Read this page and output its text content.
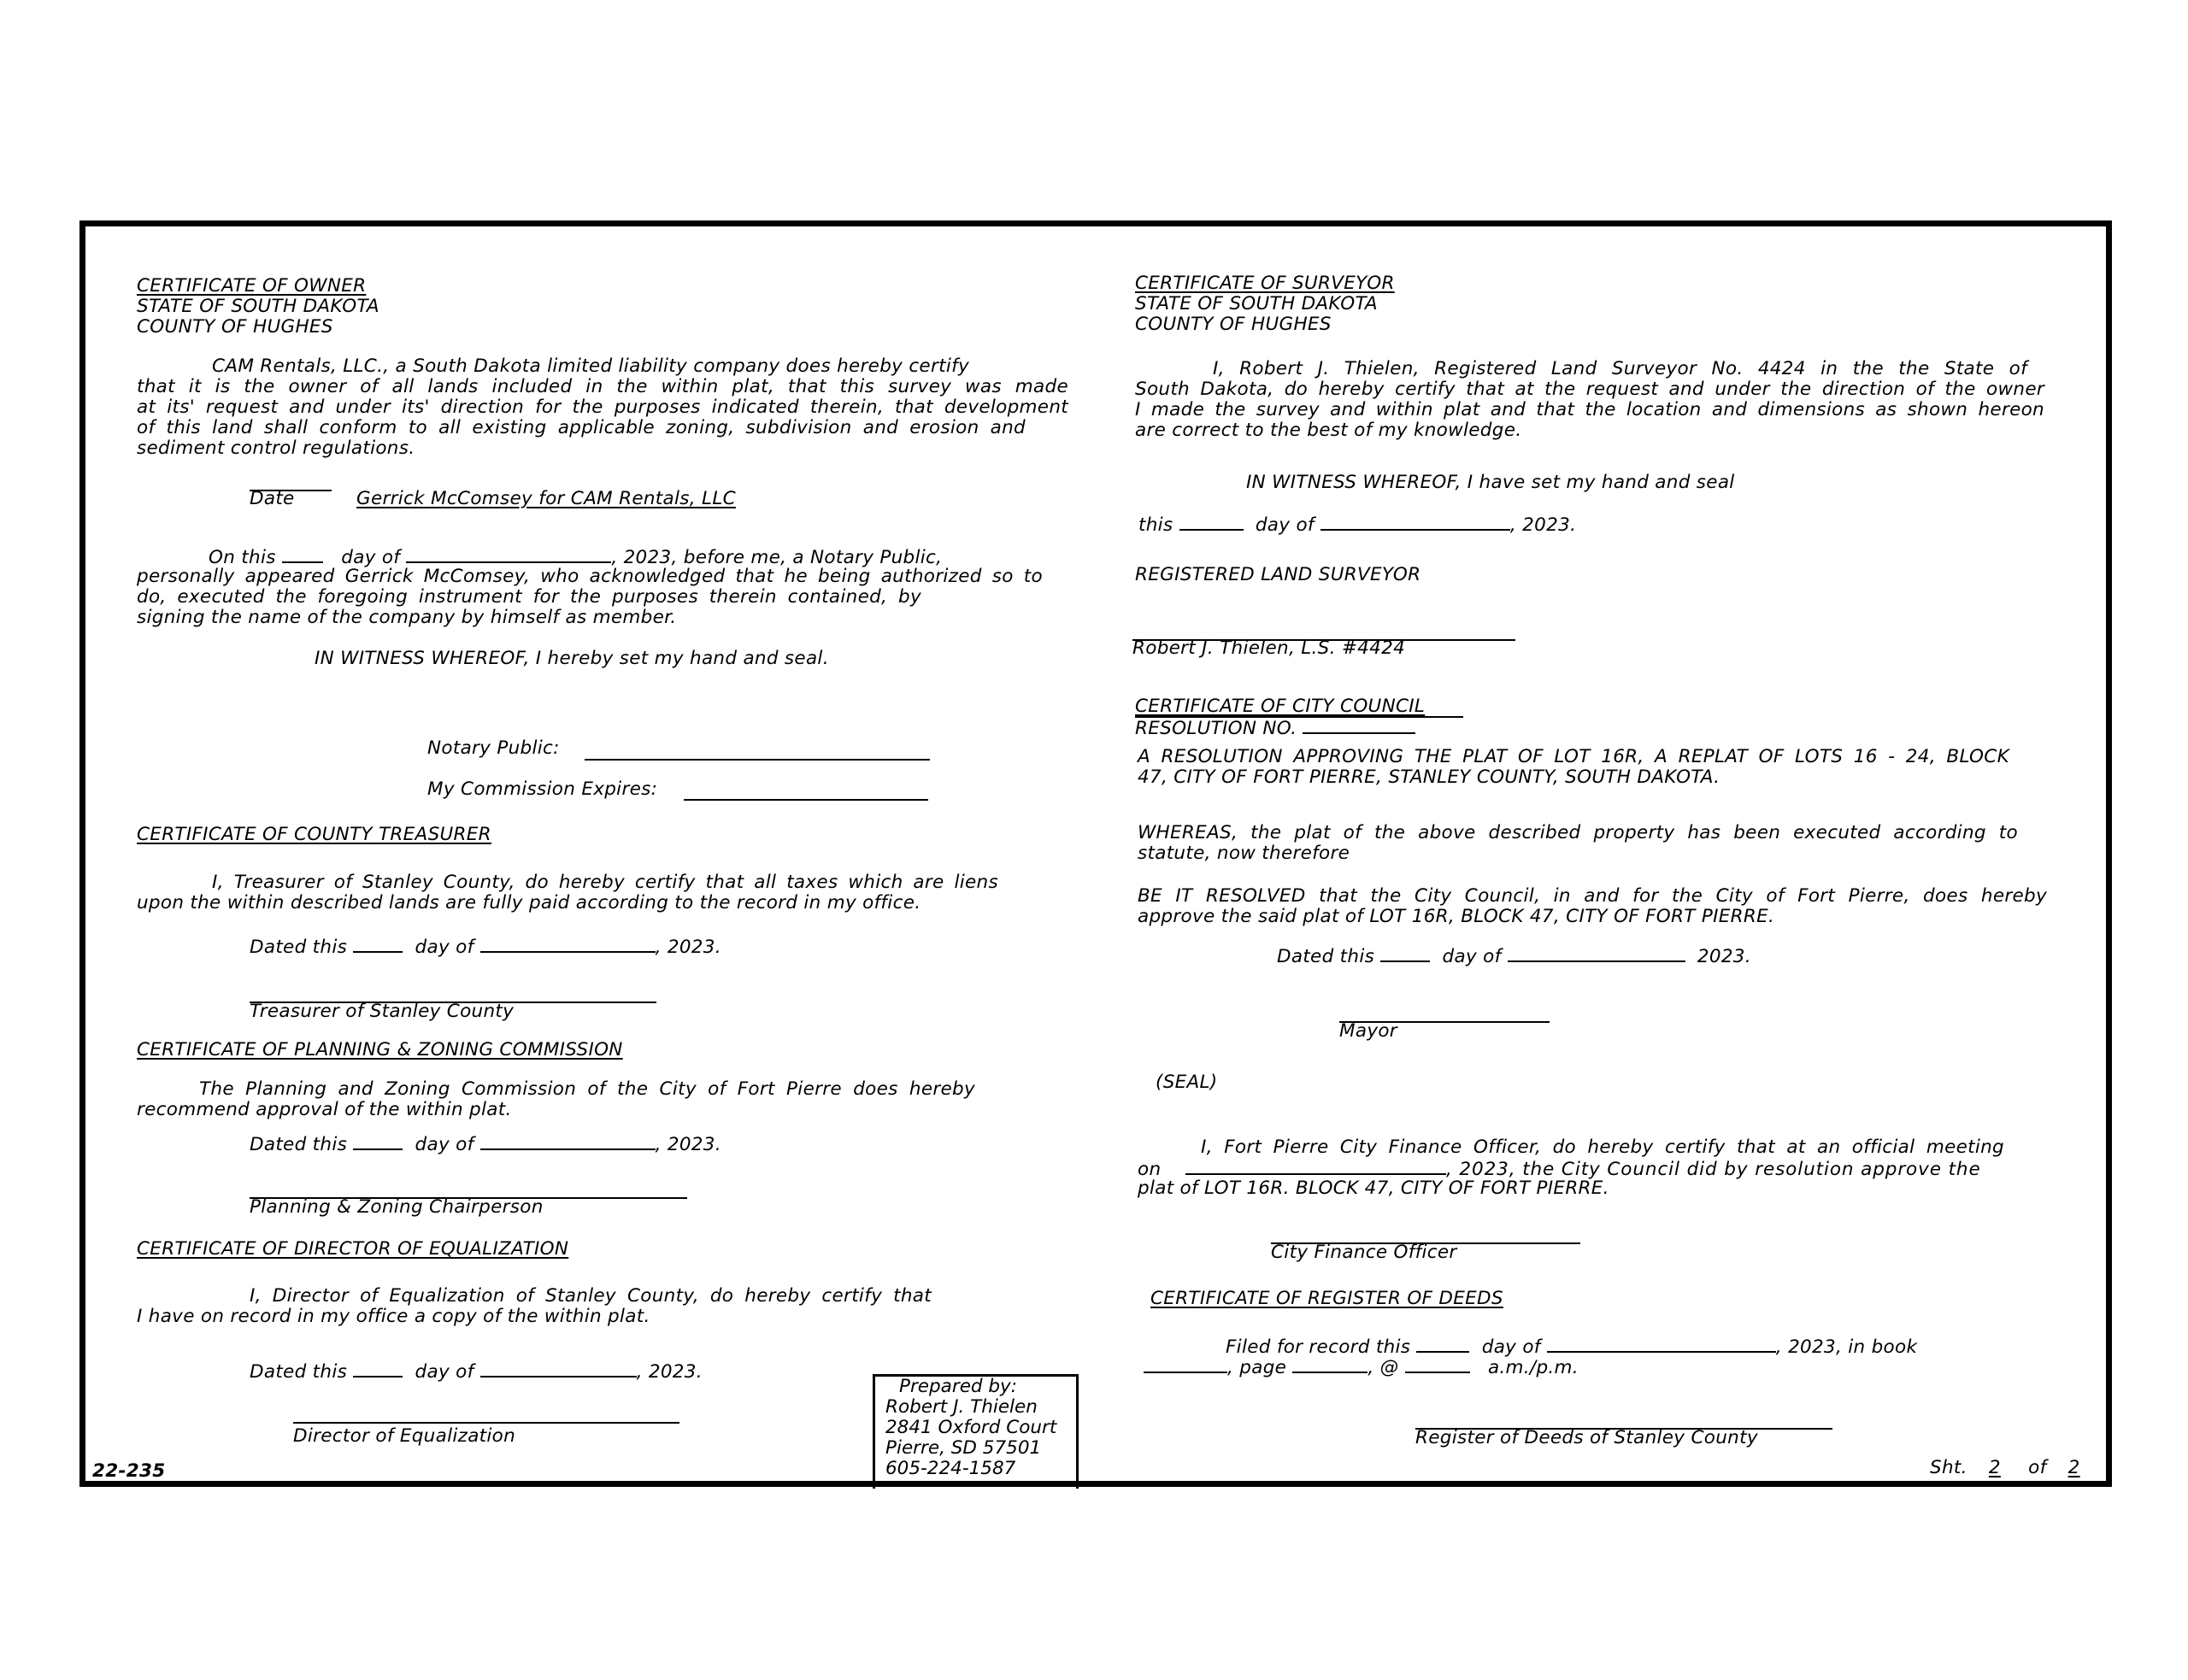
CERTIFICATE OF OWNER
STATE OF SOUTH DAKOTA
COUNTY OF HUGHES
CAM Rentals, LLC., a South Dakota limited liability company does hereby certify
that it is the owner of all lands included in the within plat, that this survey was made
at its' request and under its' direction for the purposes indicated therein, that development
of this land shall conform to all existing applicable zoning, subdivision and erosion and
sediment control regulations.
Date	Gerrick McComsey for CAM Rentals, LLC
On this	day of	, 2023, before me, a Notary Public,
personally appeared Gerrick McComsey, who acknowledged that he being authorized so to
do, executed the foregoing instrument for the purposes therein contained, by
signing the name of the company by himself as member.
IN WITNESS WHEREOF, I hereby set my hand and seal.
Notary Public:
My Commission Expires:
CERTIFICATE OF COUNTY TREASURER
I, Treasurer of Stanley County, do hereby certify that all taxes which are liens
upon the within described lands are fully paid according to the record in my office.
Dated this	day of	, 2023.
Treasurer of Stanley County
CERTIFICATE OF PLANNING & ZONING COMMISSION
The Planning and Zoning Commission of the City of Fort Pierre does hereby
recommend approval of the within plat.
Dated this	day of	, 2023.
Planning & Zoning Chairperson
CERTIFICATE OF DIRECTOR OF EQUALIZATION
I, Director of Equalization of Stanley County, do hereby certify that
I have on record in my office a copy of the within plat.
Dated this	day of	, 2023.
Director of Equalization
22-235
Prepared by:
Robert J. Thielen
2841 Oxford Court
Pierre, SD 57501
605-224-1587
CERTIFICATE OF SURVEYOR
STATE OF SOUTH DAKOTA
COUNTY OF HUGHES
I, Robert J. Thielen, Registered Land Surveyor No. 4424 in the the State of
South Dakota, do hereby certify that at the request and under the direction of the owner
I made the survey and within plat and that the location and dimensions as shown hereon
are correct to the best of my knowledge.
IN WITNESS WHEREOF, I have set my hand and seal
this	day of	, 2023.
REGISTERED LAND SURVEYOR
Robert J. Thielen, L.S. #4424
CERTIFICATE OF CITY COUNCIL
RESOLUTION NO.
A RESOLUTION APPROVING THE PLAT OF LOT 16R, A REPLAT OF LOTS 16 - 24, BLOCK
47, CITY OF FORT PIERRE, STANLEY COUNTY, SOUTH DAKOTA.
WHEREAS, the plat of the above described property has been executed according to
statute, now therefore
BE IT RESOLVED that the City Council, in and for the City of Fort Pierre, does hereby
approve the said plat of LOT 16R, BLOCK 47, CITY OF FORT PIERRE.
Dated this	day of	2023.
Mayor
(SEAL)
I, Fort Pierre City Finance Officer, do hereby certify that at an official meeting
on	, 2023, the City Council did by resolution approve the
plat of LOT 16R. BLOCK 47, CITY OF FORT PIERRE.
City Finance Officer
CERTIFICATE OF REGISTER OF DEEDS
Filed for record this	day of	, 2023, in book
, page	, @	a.m./p.m.
Register of Deeds of Stanley County
Sht. 2 of 2
